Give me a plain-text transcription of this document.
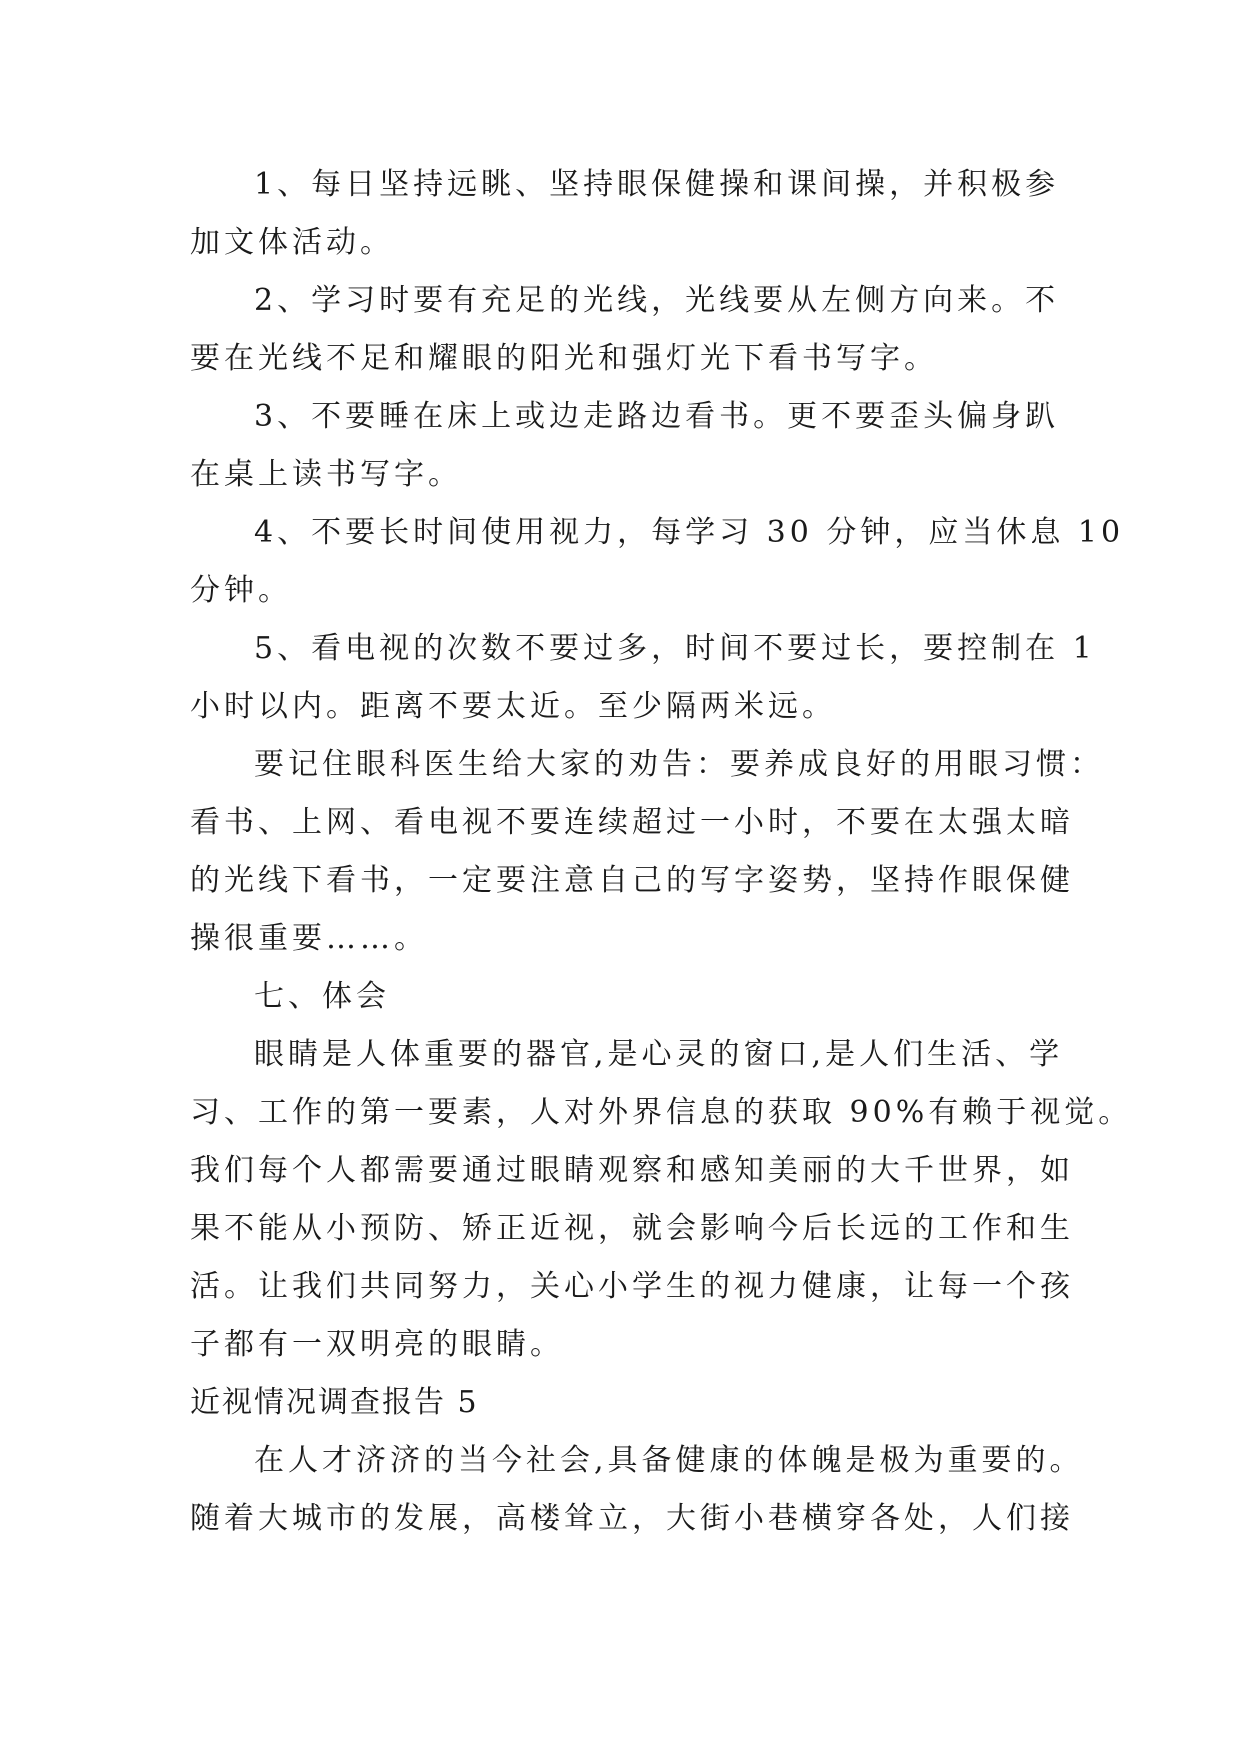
1、每日坚持远眺、坚持眼保健操和课间操，并积极参
加文体活动。
2、学习时要有充足的光线，光线要从左侧方向来。不
要在光线不足和耀眼的阳光和强灯光下看书写字。
3、不要睡在床上或边走路边看书。更不要歪头偏身趴
在桌上读书写字。
4、不要长时间使用视力，每学习 30 分钟，应当休息 10
分钟。
5、看电视的次数不要过多，时间不要过长，要控制在 1
小时以内。距离不要太近。至少隔两米远。
要记住眼科医生给大家的劝告：要养成良好的用眼习惯：
看书、上网、看电视不要连续超过一小时，不要在太强太暗
的光线下看书，一定要注意自己的写字姿势，坚持作眼保健
操很重要……。
七、体会
眼睛是人体重要的器官,是心灵的窗口,是人们生活、学
习、工作的第一要素，人对外界信息的获取 90%有赖于视觉。
我们每个人都需要通过眼睛观察和感知美丽的大千世界，如
果不能从小预防、矫正近视，就会影响今后长远的工作和生
活。让我们共同努力，关心小学生的视力健康，让每一个孩
子都有一双明亮的眼睛。
近视情况调查报告 5
在人才济济的当今社会,具备健康的体魄是极为重要的。
随着大城市的发展，高楼耸立，大街小巷横穿各处，人们接
